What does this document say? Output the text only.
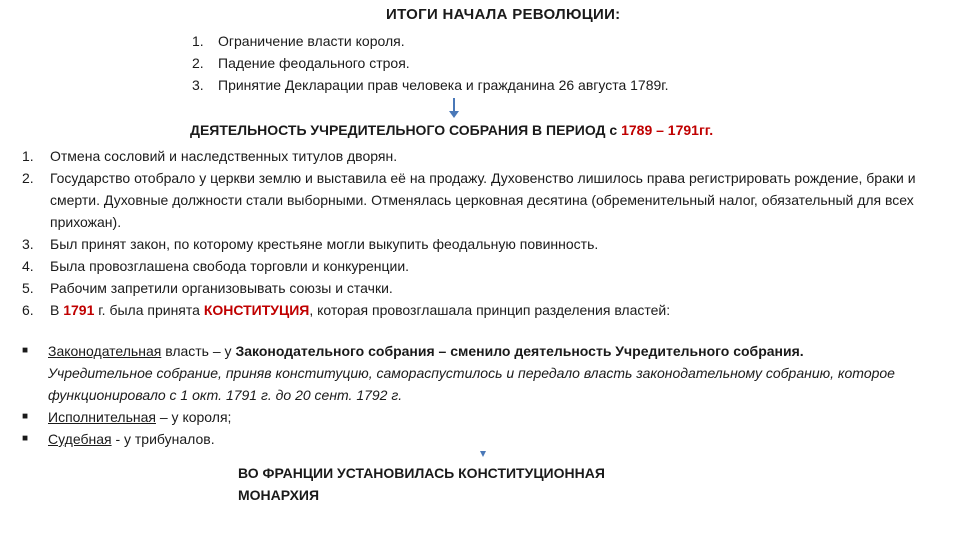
ИТОГИ НАЧАЛА РЕВОЛЮЦИИ:
1. Ограничение власти короля.
2. Падение феодального строя.
3. Принятие Декларации прав человека и гражданина 26 августа 1789г.
ДЕЯТЕЛЬНОСТЬ УЧРЕДИТЕЛЬНОГО СОБРАНИЯ В ПЕРИОД с 1789 – 1791гг.
1.	Отмена сословий и наследственных титулов дворян.
2.	Государство отобрало у церкви землю и выставила её на продажу. Духовенство лишилось права регистрировать рождение, браки и смерти. Духовные должности стали выборными. Отменялась церковная десятина (обременительный налог, обязательный для всех прихожан).
3.	Был принят закон, по которому крестьяне могли выкупить феодальную повинность.
4.	Была провозглашена свобода торговли и конкуренции.
5.	Рабочим запретили организовывать союзы и стачки.
6.	В 1791 г. была принята КОНСТИТУЦИЯ, которая провозглашала принцип разделения властей:
■	Законодательная власть – у Законодательного собрания – сменило деятельность Учредительного собрания.
Учредительное собрание, приняв конституцию, самораспустилось и передало власть законодательному собранию, которое функционировало с 1 окт. 1791 г. до 20 сент. 1792 г.
■	Исполнительная – у короля;
■	Судебная - у трибуналов.
ВО ФРАНЦИИ УСТАНОВИЛАСЬ КОНСТИТУЦИОННАЯ МОНАРХИЯ
